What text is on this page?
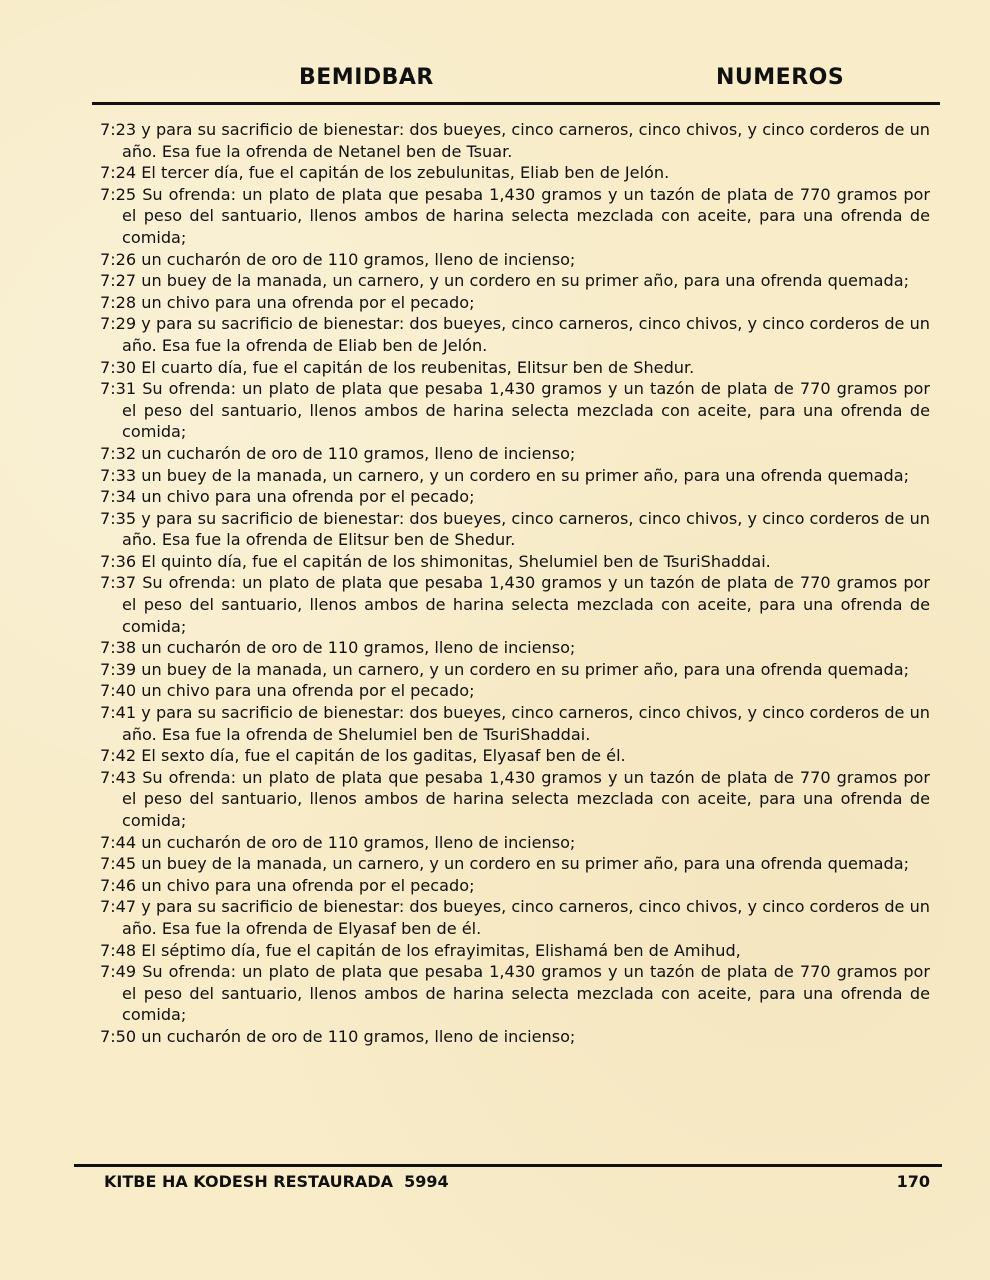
BEMIDBAR	NUMEROS

7:23 y para su sacrificio de bienestar: dos bueyes, cinco carneros, cinco chivos, y cinco corderos de un año. Esa fue la ofrenda de Netanel ben de Tsuar.

7:24 El tercer día, fue el capitán de los zebulunitas, Eliab ben de Jelón.

7:25 Su ofrenda: un plato de plata que pesaba 1,430 gramos y un tazón de plata de 770 gramos por el peso del santuario, llenos ambos de harina selecta mezclada con aceite, para una ofrenda de comida;

7:26 un cucharón de oro de 110 gramos, lleno de incienso;

7:27 un buey de la manada, un carnero, y un cordero en su primer año, para una ofrenda quemada;

7:28 un chivo para una ofrenda por el pecado;

7:29 y para su sacrificio de bienestar: dos bueyes, cinco carneros, cinco chivos, y cinco corderos de un año. Esa fue la ofrenda de Eliab ben de Jelón.

7:30 El cuarto día, fue el capitán de los reubenitas, Elitsur ben de Shedur.

7:31 Su ofrenda: un plato de plata que pesaba 1,430 gramos y un tazón de plata de 770 gramos por el peso del santuario, llenos ambos de harina selecta mezclada con aceite, para una ofrenda de comida;

7:32 un cucharón de oro de 110 gramos, lleno de incienso;

7:33 un buey de la manada, un carnero, y un cordero en su primer año, para una ofrenda quemada;

7:34 un chivo para una ofrenda por el pecado;

7:35 y para su sacrificio de bienestar: dos bueyes, cinco carneros, cinco chivos, y cinco corderos de un año. Esa fue la ofrenda de Elitsur ben de Shedur.

7:36 El quinto día, fue el capitán de los shimonitas, Shelumiel ben de TsuriShaddai.

7:37 Su ofrenda: un plato de plata que pesaba 1,430 gramos y un tazón de plata de 770 gramos por el peso del santuario, llenos ambos de harina selecta mezclada con aceite, para una ofrenda de comida;

7:38 un cucharón de oro de 110 gramos, lleno de incienso;

7:39 un buey de la manada, un carnero, y un cordero en su primer año, para una ofrenda quemada;

7:40 un chivo para una ofrenda por el pecado;

7:41 y para su sacrificio de bienestar: dos bueyes, cinco carneros, cinco chivos, y cinco corderos de un año. Esa fue la ofrenda de Shelumiel ben de TsuriShaddai.

7:42 El sexto día, fue el capitán de los gaditas, Elyasaf ben de él.

7:43 Su ofrenda: un plato de plata que pesaba 1,430 gramos y un tazón de plata de 770 gramos por el peso del santuario, llenos ambos de harina selecta mezclada con aceite, para una ofrenda de comida;

7:44 un cucharón de oro de 110 gramos, lleno de incienso;

7:45 un buey de la manada, un carnero, y un cordero en su primer año, para una ofrenda quemada;

7:46 un chivo para una ofrenda por el pecado;

7:47 y para su sacrificio de bienestar: dos bueyes, cinco carneros, cinco chivos, y cinco corderos de un año. Esa fue la ofrenda de Elyasaf ben de él.

7:48 El séptimo día, fue el capitán de los efrayimitas, Elishamá ben de Amihud,

7:49 Su ofrenda: un plato de plata que pesaba 1,430 gramos y un tazón de plata de 770 gramos por el peso del santuario, llenos ambos de harina selecta mezclada con aceite, para una ofrenda de comida;

7:50 un cucharón de oro de 110 gramos, lleno de incienso;

KITBE HA KODESH RESTAURADA  5994	170
